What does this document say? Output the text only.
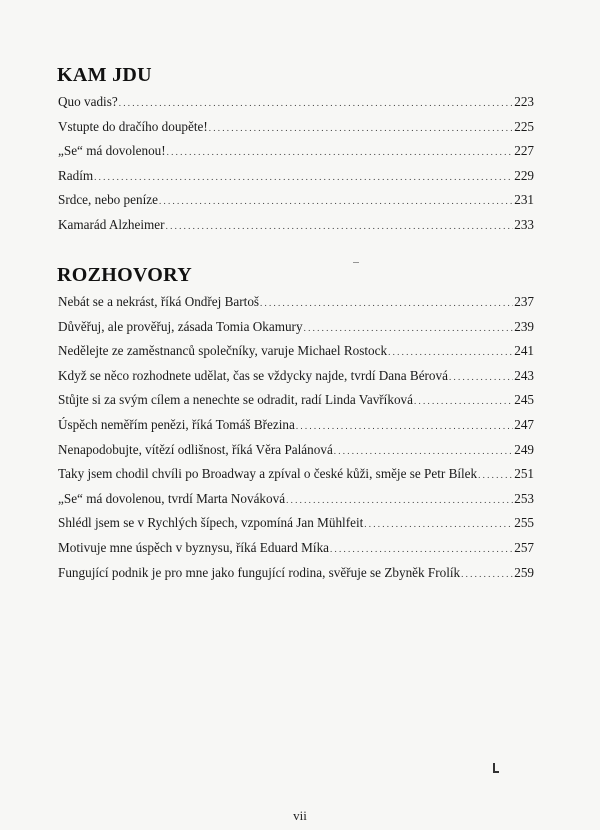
KAM JDU
Quo vadis? . . .	223
Vstupte do dračího doupěte! . . .	225
„Se“ má dovolenou! . . .	227
Radím . . .	229
Srdce, nebo peníze . . .	231
Kamarád Alzheimer . . .	233
ROZHOVORY
Nebát se a nekrást, říká Ondřej Bartoš . . .	237
Důvěřuj, ale prověřuj, zásada Tomia Okamury . . .	239
Nedělejte ze zaměstnanců společníky, varuje Michael Rostock . . .	241
Když se něco rozhodnete udělat, čas se vždycky najde, tvrdí Dana Bérová . . .	243
Stůjte si za svým cílem a nenechte se odradit, radí Linda Vavříková . . .	245
Úspěch neměřím penězi, říká Tomáš Březina . . .	247
Nenapodobujte, vítězí odlišnost, říká Věra Palánová . . .	249
Taky jsem chodil chvíli po Broadway a zpíval o české kůži, směje se Petr Bílek . . .	251
„Se“ má dovolenou, tvrdí Marta Nováková . . .	253
Shlédl jsem se v Rychlých šípech, vzpomíná Jan Mühlfeit . . .	255
Motivuje mne úspěch v byznysu, říká Eduard Míka . . .	257
Fungující podnik je pro mne jako fungující rodina, svěřuje se Zbyněk Frolík . . .	259
vii
